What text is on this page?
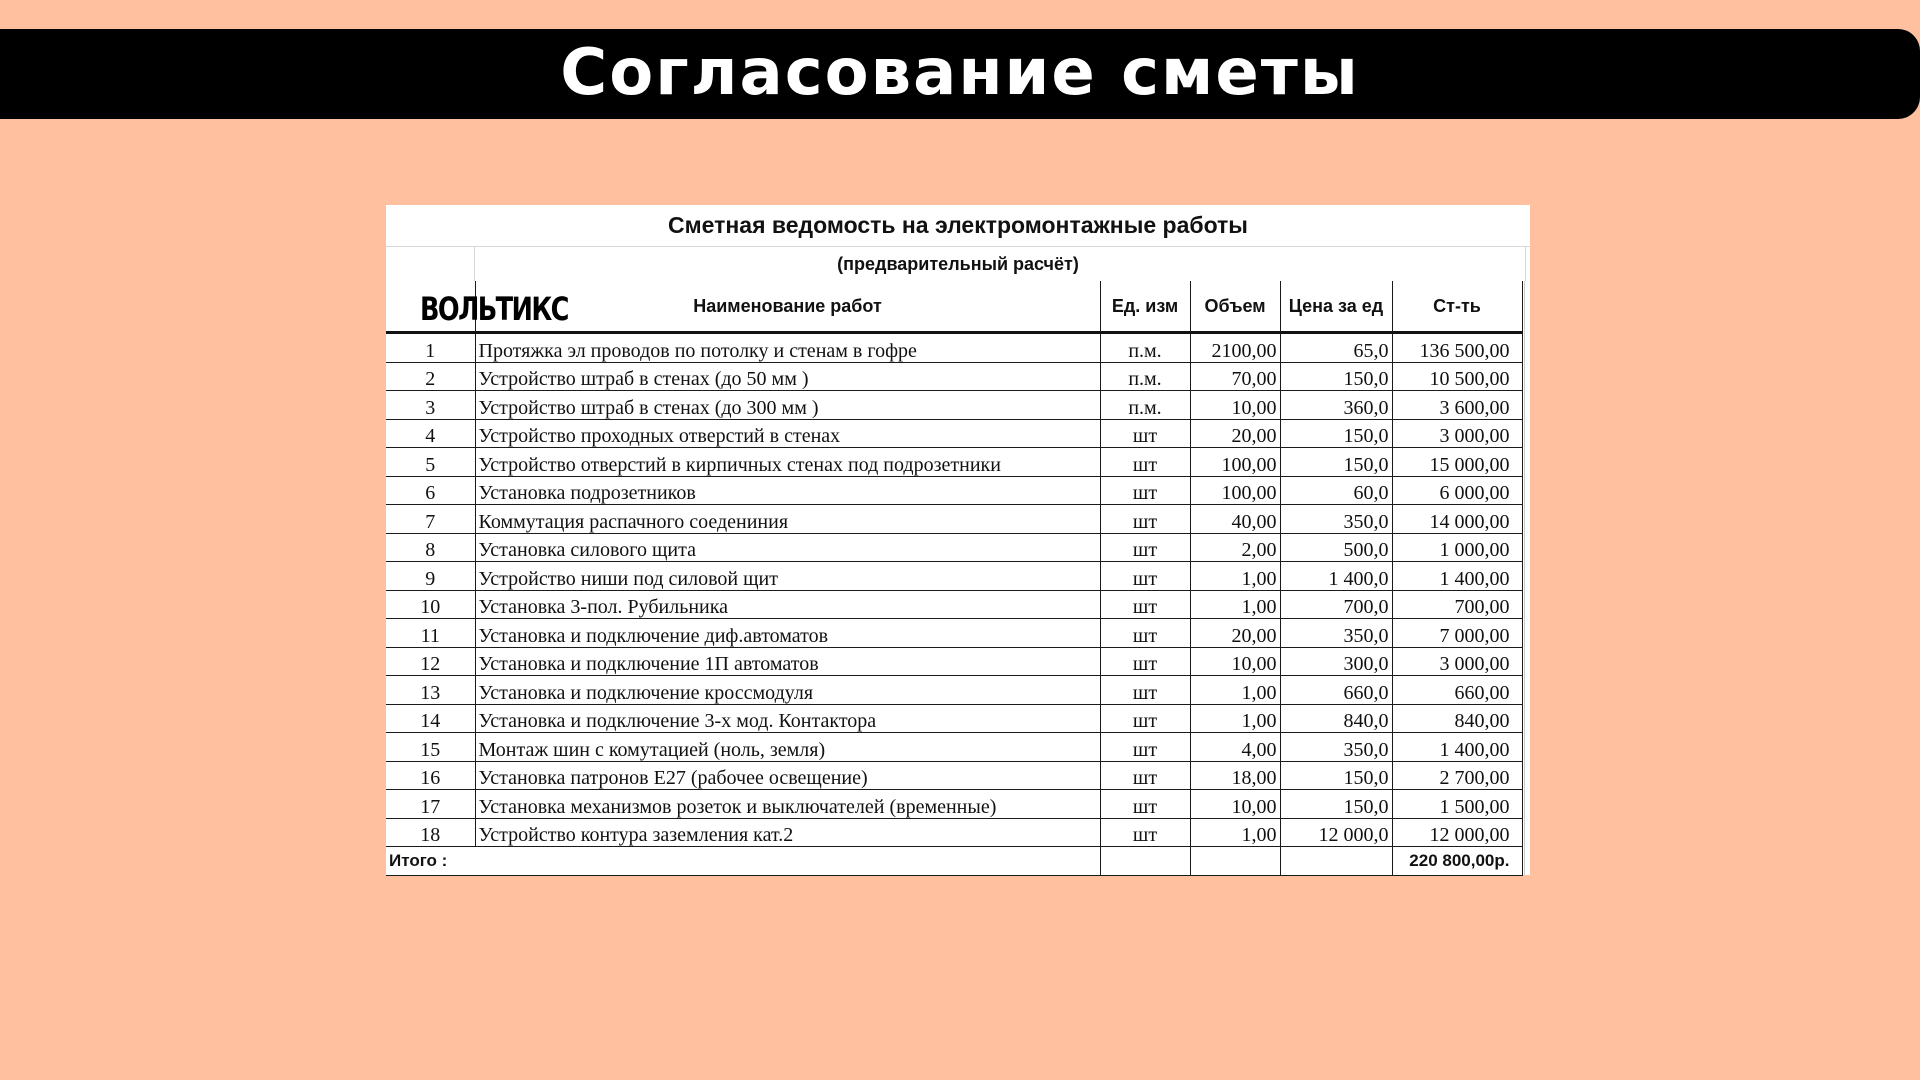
Согласование сметы
Сметная ведомость на электромонтажные работы
(предварительный расчёт)
ВОЛЬТИКС	Наименование работ	Ед. изм	Объем	Цена за ед	Ст-ть
1	Протяжка эл проводов по потолку и стенам в гофре	п.м.	2100,00	65,0	136 500,00
2	Устройство штраб в стенах (до 50 мм )	п.м.	70,00	150,0	10 500,00
3	Устройство штраб в стенах (до 300 мм )	п.м.	10,00	360,0	3 600,00
4	Устройство проходных отверстий в стенах	шт	20,00	150,0	3 000,00
5	Устройство отверстий в кирпичных стенах под подрозетники	шт	100,00	150,0	15 000,00
6	Установка подрозетников	шт	100,00	60,0	6 000,00
7	Коммутация распачного соедениния	шт	40,00	350,0	14 000,00
8	Установка силового щита	шт	2,00	500,0	1 000,00
9	Устройство ниши под силовой щит	шт	1,00	1 400,0	1 400,00
10	Установка 3-пол. Рубильника	шт	1,00	700,0	700,00
11	Установка и подключение диф.автоматов	шт	20,00	350,0	7 000,00
12	Установка и подключение 1П автоматов	шт	10,00	300,0	3 000,00
13	Установка и подключение кроссмодуля	шт	1,00	660,0	660,00
14	Установка и подключение 3-х мод. Контактора	шт	1,00	840,0	840,00
15	Монтаж шин с комутацией (ноль, земля)	шт	4,00	350,0	1 400,00
16	Установка патронов Е27 (рабочее освещение)	шт	18,00	150,0	2 700,00
17	Установка механизмов розеток и выключателей (временные)	шт	10,00	150,0	1 500,00
18	Устройство контура заземления кат.2	шт	1,00	12 000,0	12 000,00
Итого :					220 800,00р.
